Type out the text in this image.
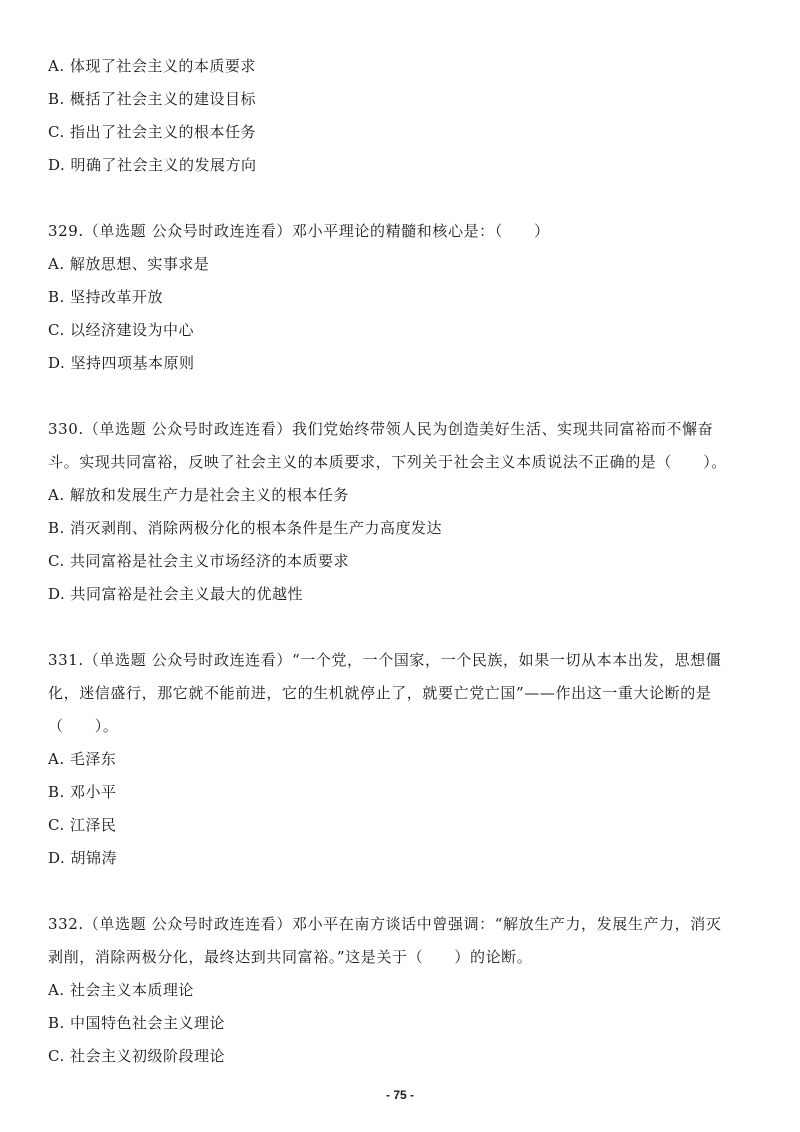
A. 体现了社会主义的本质要求
B. 概括了社会主义的建设目标
C. 指出了社会主义的根本任务
D. 明确了社会主义的发展方向
329.（单选题 公众号时政连连看）邓小平理论的精髓和核心是：（　　）
A. 解放思想、实事求是
B. 坚持改革开放
C. 以经济建设为中心
D. 坚持四项基本原则
330.（单选题 公众号时政连连看）我们党始终带领人民为创造美好生活、实现共同富裕而不懈奋
斗。实现共同富裕，反映了社会主义的本质要求，下列关于社会主义本质说法不正确的是（　　）。
A. 解放和发展生产力是社会主义的根本任务
B. 消灭剥削、消除两极分化的根本条件是生产力高度发达
C. 共同富裕是社会主义市场经济的本质要求
D. 共同富裕是社会主义最大的优越性
331.（单选题 公众号时政连连看）“一个党，一个国家，一个民族，如果一切从本本出发，思想僵
化，迷信盛行，那它就不能前进，它的生机就停止了，就要亡党亡国”——作出这一重大论断的是
（　　）。
A. 毛泽东
B. 邓小平
C. 江泽民
D. 胡锦涛
332.（单选题 公众号时政连连看）邓小平在南方谈话中曾强调：“解放生产力，发展生产力，消灭
剥削，消除两极分化，最终达到共同富裕。”这是关于（　　）的论断。
A. 社会主义本质理论
B. 中国特色社会主义理论
C. 社会主义初级阶段理论
- 75 -
